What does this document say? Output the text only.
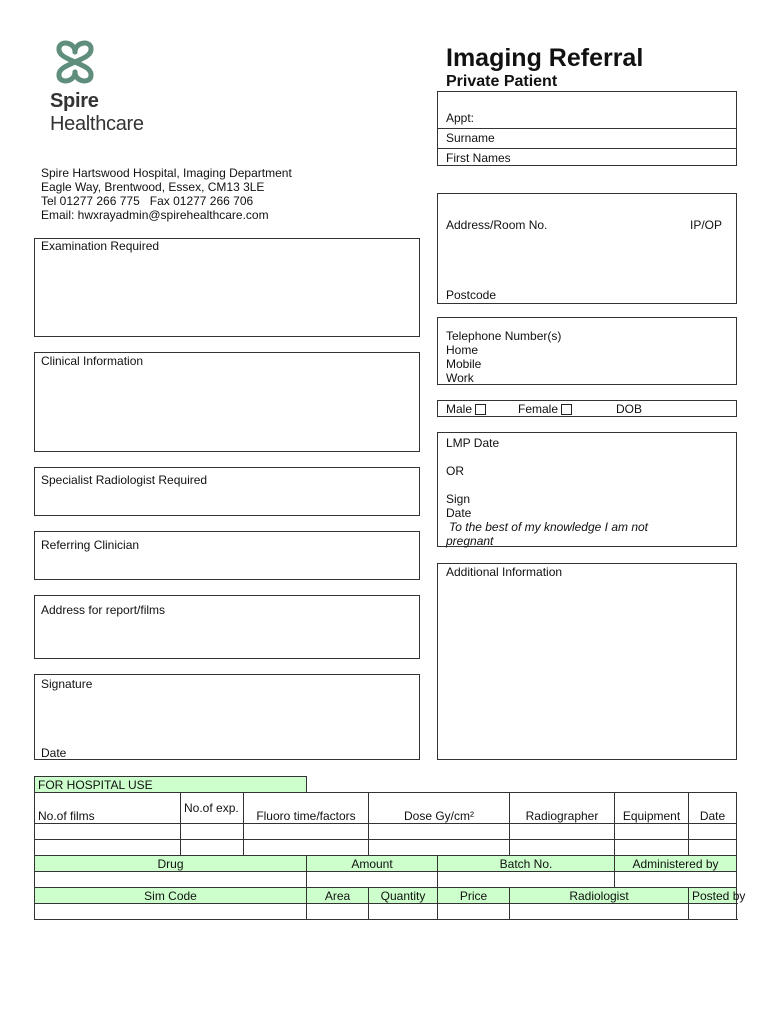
Spire Healthcare
Imaging Referral
Private Patient
Spire Hartswood Hospital, Imaging Department
Eagle Way, Brentwood, Essex, CM13 3LE
Tel 01277 266 775   Fax 01277 266 706
Email: hwxrayadmin@spirehealthcare.com
Appt:
Surname
First Names
Address/Room No.	IP/OP
Postcode
Telephone Number(s)
Home
Mobile
Work
Male	Female	DOB
LMP Date
OR
Sign
Date
To the best of my knowledge I am not
pregnant
Additional Information
Examination Required
Clinical Information
Specialist Radiologist Required
Referring Clinician
Address for report/films
Signature
Date
FOR HOSPITAL USE								
No.of films	No.of exp.	Fluoro time/factors		Dose Gy/cm²		Radiographer	Equipment	Date

Drug			Amount		Batch No.		Administered by	

Sim Code			Area	Quantity	Price	Radiologist		Posted by
